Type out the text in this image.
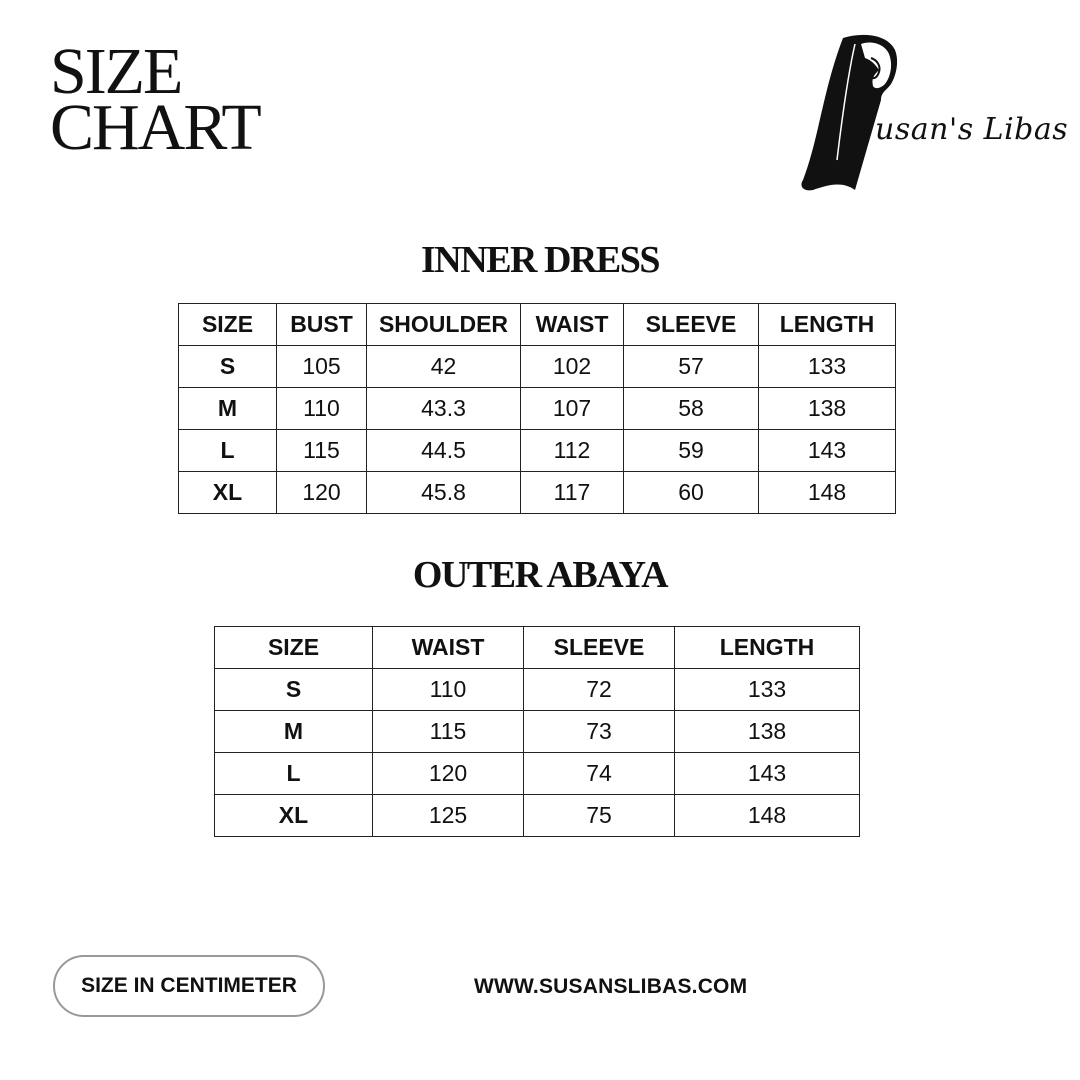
SIZE
CHART	Susan's Libas
INNER DRESS
SIZE	BUST	SHOULDER	WAIST	SLEEVE	LENGTH
S	105	42	102	57	133
M	110	43.3	107	58	138
L	115	44.5	112	59	143
XL	120	45.8	117	60	148
OUTER ABAYA
SIZE	WAIST	SLEEVE	LENGTH
S	110	72	133
M	115	73	138
L	120	74	143
XL	125	75	148
SIZE IN CENTIMETER	WWW.SUSANSLIBAS.COM
